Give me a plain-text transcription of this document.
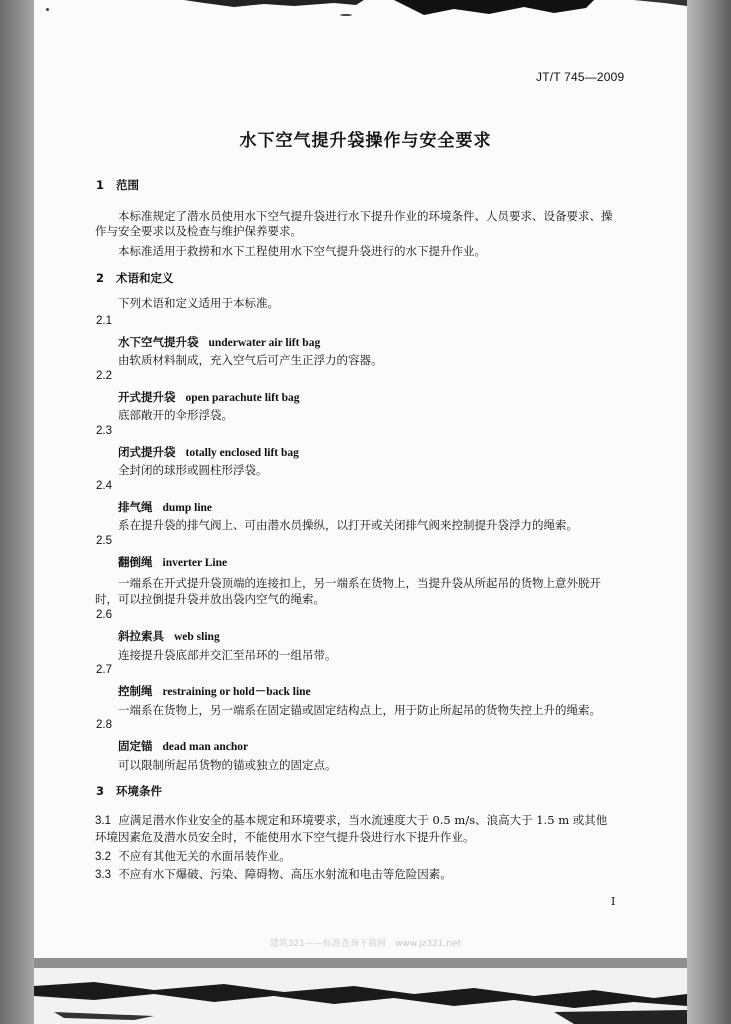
JT/T 745—2009
水下空气提升袋操作与安全要求
1 范围
本标准规定了潜水员使用水下空气提升袋进行水下提升作业的环境条件、人员要求、设备要求、操
作与安全要求以及检查与维护保养要求。
本标准适用于救捞和水下工程使用水下空气提升袋进行的水下提升作业。
2 术语和定义
下列术语和定义适用于本标准。
2.1
水下空气提升袋 underwater air lift bag
由软质材料制成，充入空气后可产生正浮力的容器。
2.2
开式提升袋 open parachute lift bag
底部敞开的伞形浮袋。
2.3
闭式提升袋 totally enclosed lift bag
全封闭的球形或圆柱形浮袋。
2.4
排气绳 dump line
系在提升袋的排气阀上、可由潜水员操纵，以打开或关闭排气阀来控制提升袋浮力的绳索。
2.5
翻倒绳 inverter Line
一端系在开式提升袋顶端的连接扣上，另一端系在货物上，当提升袋从所起吊的货物上意外脱开
时，可以拉倒提升袋并放出袋内空气的绳索。
2.6
斜拉索具 web sling
连接提升袋底部并交汇至吊环的一组吊带。
2.7
控制绳 restraining or hold－back line
一端系在货物上，另一端系在固定锚或固定结构点上，用于防止所起吊的货物失控上升的绳索。
2.8
固定锚 dead man anchor
可以限制所起吊货物的锚或独立的固定点。
3 环境条件
3.1 应满足潜水作业安全的基本规定和环境要求，当水流速度大于 0.5 m/s、浪高大于 1.5 m 或其他
环境因素危及潜水员安全时，不能使用水下空气提升袋进行水下提升作业。
3.2 不应有其他无关的水面吊装作业。
3.3 不应有水下爆破、污染、障碍物、高压水射流和电击等危险因素。
I
建筑321——标准查询下载网　www.jz321.net
